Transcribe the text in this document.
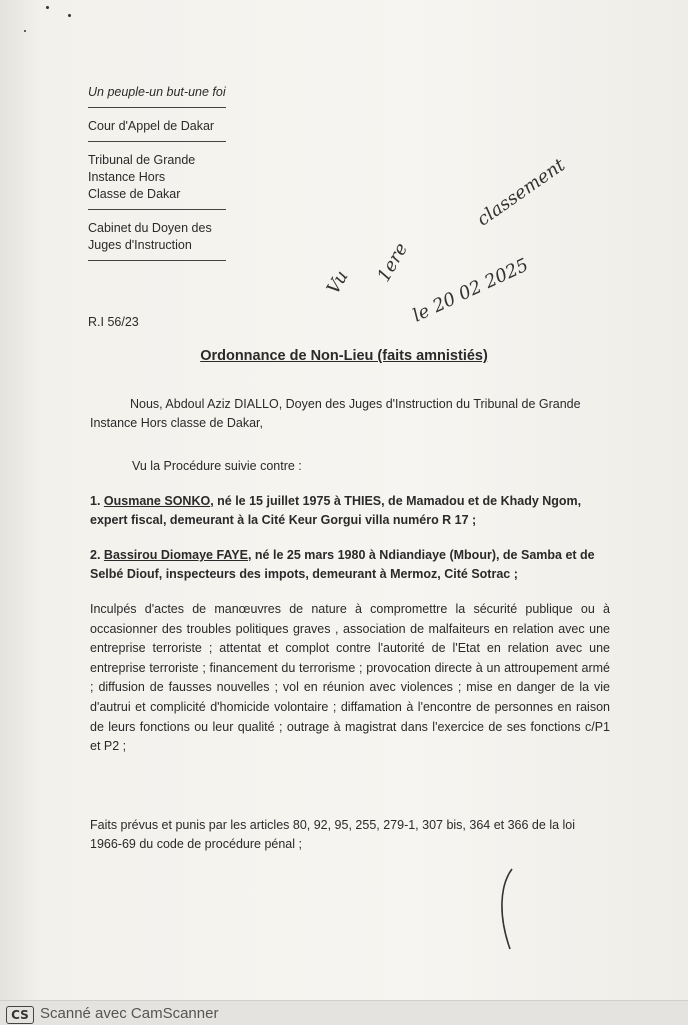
Un peuple-un but-une foi
Cour d'Appel de Dakar
Tribunal de Grande
Instance Hors
Classe de Dakar
Cabinet du Doyen des
Juges d'Instruction
R.I 56/23
Vu 1ere
classement
le 20 02 2025
Ordonnance de Non-Lieu (faits amnistiés)
Nous, Abdoul Aziz DIALLO, Doyen des Juges d'Instruction du Tribunal de Grande Instance Hors classe de Dakar,
Vu la Procédure suivie contre :
1. Ousmane SONKO, né le 15 juillet 1975 à THIES, de Mamadou et de Khady Ngom, expert fiscal, demeurant à la Cité Keur Gorgui villa numéro R 17 ;
2. Bassirou Diomaye FAYE, né le 25 mars 1980 à Ndiandiaye (Mbour), de Samba et de Selbé Diouf, inspecteurs des impots, demeurant à Mermoz, Cité Sotrac ;
Inculpés d'actes de manœuvres de nature à compromettre la sécurité publique ou à occasionner des troubles politiques graves , association de malfaiteurs en relation avec une entreprise terroriste ; attentat et complot contre l'autorité de l'Etat en relation avec une entreprise terroriste ; financement du terrorisme ; provocation directe à un attroupement armé ; diffusion de fausses nouvelles ; vol en réunion avec violences ; mise en danger de la vie d'autrui et complicité d'homicide volontaire ; diffamation à l'encontre de personnes en raison de leurs fonctions ou leur qualité ; outrage à magistrat dans l'exercice de ses fonctions c/P1 et P2 ;
Faits prévus et punis par les articles 80, 92, 95, 255, 279-1, 307 bis, 364 et 366 de la loi 1966-69 du code de procédure pénal ;
CS Scanné avec CamScanner
